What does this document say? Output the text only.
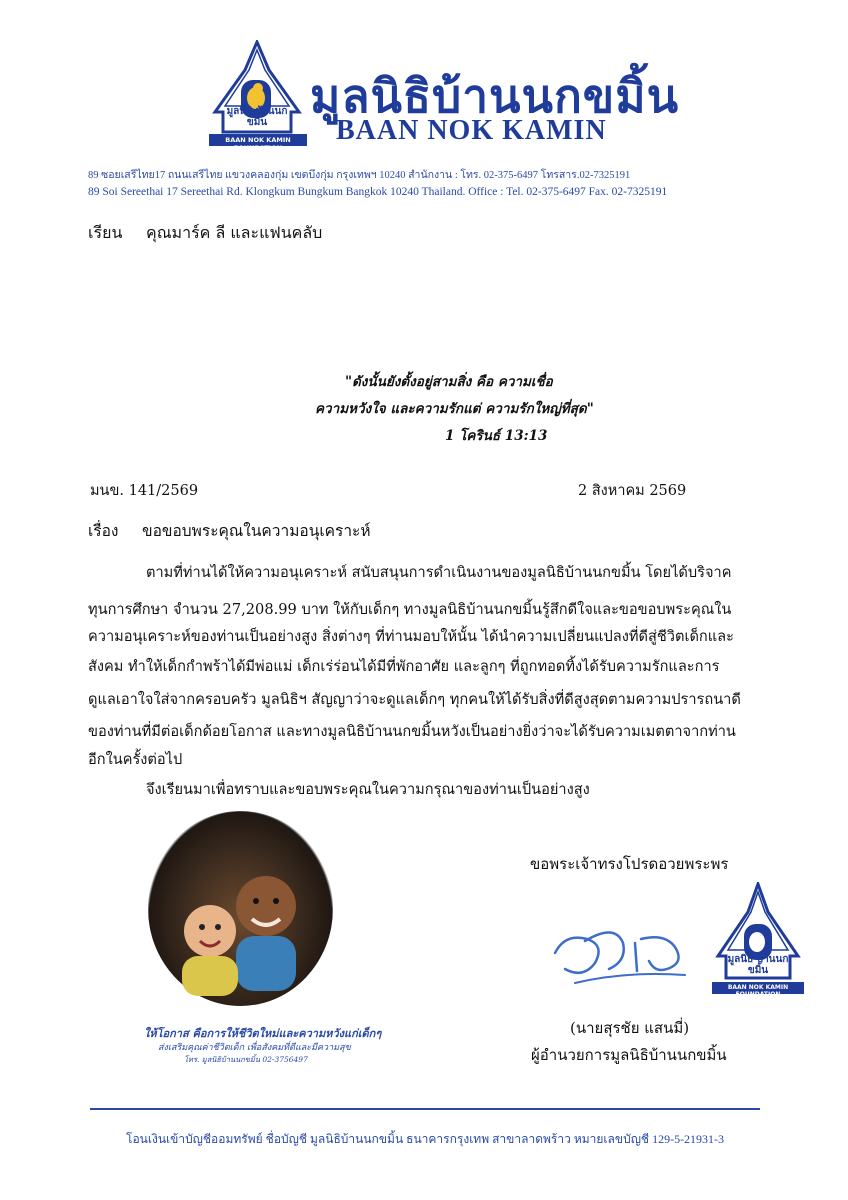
มูลนิธิ บ้านนกขมิ้น
BAAN NOK KAMIN FOUNDATION
มูลนิธิบ้านนกขมิ้น
BAAN NOK KAMIN
89 ซอยเสรีไทย17 ถนนเสรีไทย แขวงคลองกุ่ม เขตบึงกุ่ม กรุงเทพฯ 10240 สำนักงาน : โทร. 02-375-6497 โทรสาร.02-7325191
89 Soi Sereethai 17 Sereethai Rd. Klongkum Bungkum Bangkok 10240 Thailand. Office : Tel. 02-375-6497 Fax. 02-7325191
เรียน คุณมาร์ค ลี และแฟนคลับ
"ดังนั้นยังตั้งอยู่สามสิ่ง คือ ความเชื่อ
ความหวังใจ และความรักแต่ ความรักใหญ่ที่สุด"
1 โครินธ์ 13:13
มนข. 141/2569	2 สิงหาคม 2569
เรื่อง ขอขอบพระคุณในความอนุเคราะห์
ตามที่ท่านได้ให้ความอนุเคราะห์ สนับสนุนการดำเนินงานของมูลนิธิบ้านนกขมิ้น โดยได้บริจาค
ทุนการศึกษา จำนวน 27,208.99 บาท ให้กับเด็กๆ ทางมูลนิธิบ้านนกขมิ้นรู้สึกดีใจและขอขอบพระคุณใน
ความอนุเคราะห์ของท่านเป็นอย่างสูง สิ่งต่างๆ ที่ท่านมอบให้นั้น ได้นำความเปลี่ยนแปลงที่ดีสู่ชีวิตเด็กและ
สังคม ทำให้เด็กกำพร้าได้มีพ่อแม่ เด็กเร่ร่อนได้มีที่พักอาศัย และลูกๆ ที่ถูกทอดทิ้งได้รับความรักและการ
ดูแลเอาใจใส่จากครอบครัว มูลนิธิฯ สัญญาว่าจะดูแลเด็กๆ ทุกคนให้ได้รับสิ่งที่ดีสูงสุดตามความปรารถนาดี
ของท่านที่มีต่อเด็กด้อยโอกาส และทางมูลนิธิบ้านนกขมิ้นหวังเป็นอย่างยิ่งว่าจะได้รับความเมตตาจากท่าน
อีกในครั้งต่อไป
จึงเรียนมาเพื่อทราบและขอบพระคุณในความกรุณาของท่านเป็นอย่างสูง
ให้โอกาส คือการให้ชีวิตใหม่และความหวังแก่เด็กๆ
ส่งเสริมคุณค่าชีวิตเด็ก เพื่อสังคมที่ดีและมีความสุข
โทร. มูลนิธิบ้านนกขมิ้น 02-3756497
ขอพระเจ้าทรงโปรดอวยพระพร
มูลนิธิ บ้านนกขมิ้น
BAAN NOK KAMIN FOUNDATION
(นายสุรชัย แสนมี่)
ผู้อำนวยการมูลนิธิบ้านนกขมิ้น
โอนเงินเข้าบัญชีออมทรัพย์ ชื่อบัญชี มูลนิธิบ้านนกขมิ้น ธนาคารกรุงเทพ สาขาลาดพร้าว หมายเลขบัญชี 129-5-21931-3
